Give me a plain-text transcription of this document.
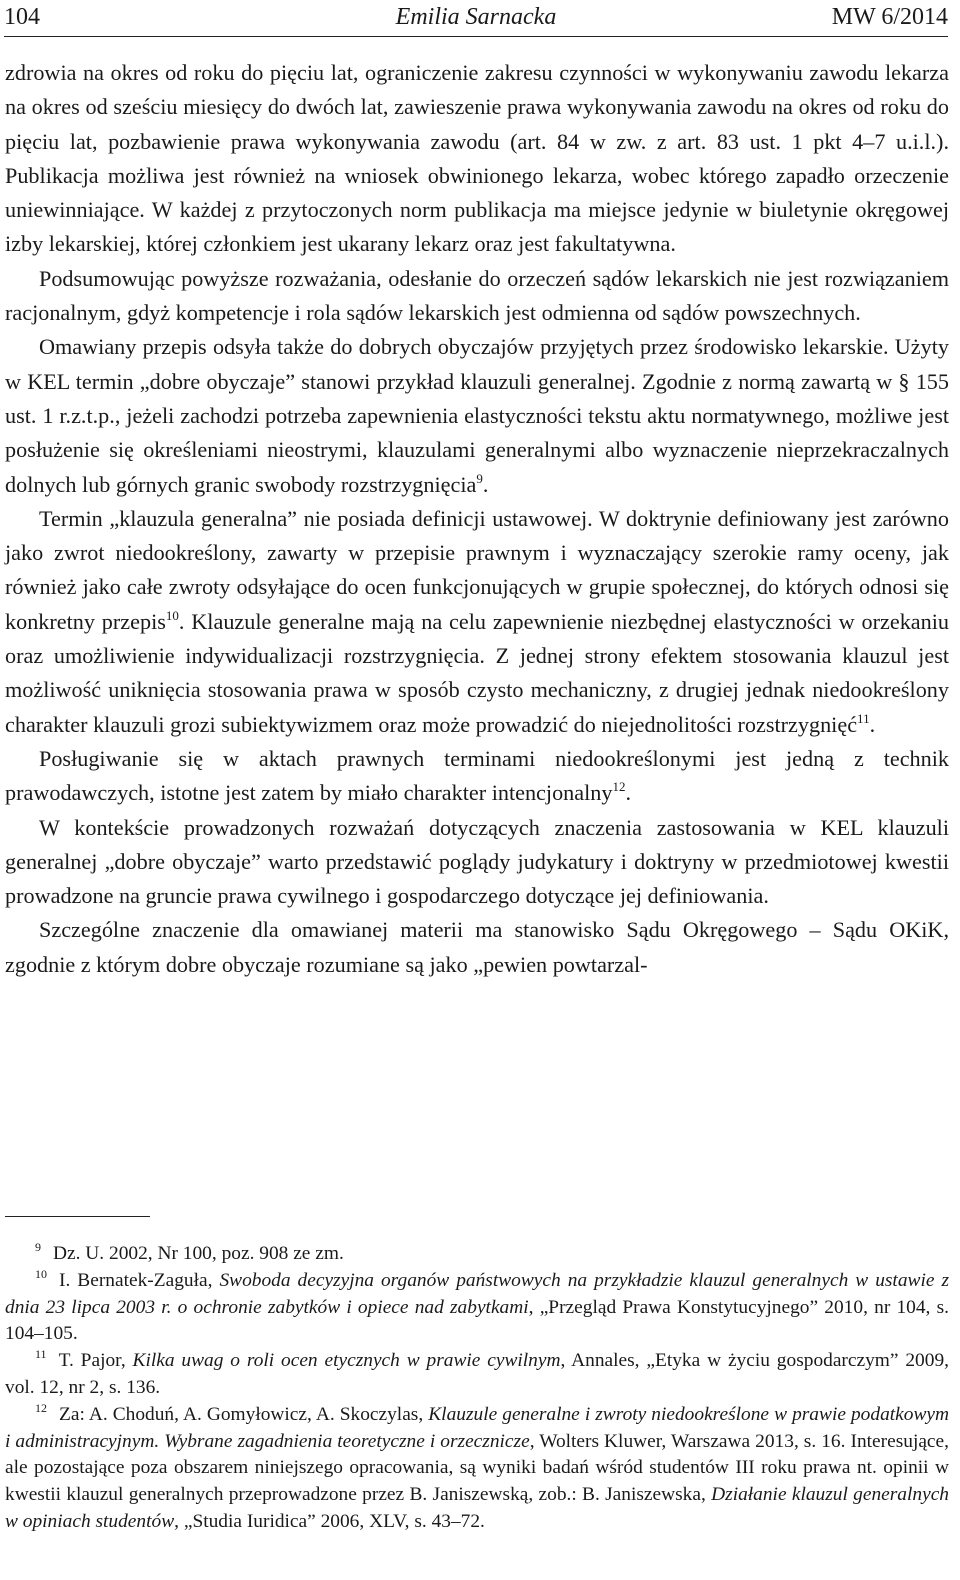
104	Emilia Sarnacka	MW 6/2014

zdrowia na okres od roku do pięciu lat, ograniczenie zakresu czynności w wykonywaniu zawodu lekarza na okres od sześciu miesięcy do dwóch lat, zawieszenie prawa wykonywania zawodu na okres od roku do pięciu lat, pozbawienie prawa wykonywania zawodu (art. 84 w zw. z art. 83 ust. 1 pkt 4–7 u.i.l.). Publikacja możliwa jest również na wniosek obwinionego lekarza, wobec którego zapadło orzeczenie uniewinniające. W każdej z przytoczonych norm publikacja ma miejsce jedynie w biuletynie okręgowej izby lekarskiej, której członkiem jest ukarany lekarz oraz jest fakultatywna.

Podsumowując powyższe rozważania, odesłanie do orzeczeń sądów lekarskich nie jest rozwiązaniem racjonalnym, gdyż kompetencje i rola sądów lekarskich jest odmienna od sądów powszechnych.

Omawiany przepis odsyła także do dobrych obyczajów przyjętych przez środowisko lekarskie. Użyty w KEL termin „dobre obyczaje” stanowi przykład klauzuli generalnej. Zgodnie z normą zawartą w § 155 ust. 1 r.z.t.p., jeżeli zachodzi potrzeba zapewnienia elastyczności tekstu aktu normatywnego, możliwe jest posłużenie się określeniami nieostrymi, klauzulami generalnymi albo wyznaczenie nieprzekraczalnych dolnych lub górnych granic swobody rozstrzygnięcia$^9$.

Termin „klauzula generalna” nie posiada definicji ustawowej. W doktrynie definiowany jest zarówno jako zwrot niedookreślony, zawarty w przepisie prawnym i wyznaczający szerokie ramy oceny, jak również jako całe zwroty odsyłające do ocen funkcjonujących w grupie społecznej, do których odnosi się konkretny przepis$^{10}$. Klauzule generalne mają na celu zapewnienie niezbędnej elastyczności w orzekaniu oraz umożliwienie indywidualizacji rozstrzygnięcia. Z jednej strony efektem stosowania klauzul jest możliwość uniknięcia stosowania prawa w sposób czysto mechaniczny, z drugiej jednak niedookreślony charakter klauzuli grozi subiektywizmem oraz może prowadzić do niejednolitości rozstrzygnięć$^{11}$.

Posługiwanie się w aktach prawnych terminami niedookreślonymi jest jedną z technik prawodawczych, istotne jest zatem by miało charakter intencjonalny$^{12}$.

W kontekście prowadzonych rozważań dotyczących znaczenia zastosowania w KEL klauzuli generalnej „dobre obyczaje” warto przedstawić poglądy judykatury i doktryny w przedmiotowej kwestii prowadzone na gruncie prawa cywilnego i gospodarczego dotyczące jej definiowania.

Szczególne znaczenie dla omawianej materii ma stanowisko Sądu Okręgowego – Sądu OKiK, zgodnie z którym dobre obyczaje rozumiane są jako „pewien powtarzal-

$^9$ Dz. U. 2002, Nr 100, poz. 908 ze zm.

$^{10}$ I. Bernatek-Zaguła, Swoboda decyzyjna organów państwowych na przykładzie klauzul generalnych w ustawie z dnia 23 lipca 2003 r. o ochronie zabytków i opiece nad zabytkami, „Przegląd Prawa Konstytucyjnego” 2010, nr 104, s. 104–105.

$^{11}$ T. Pajor, Kilka uwag o roli ocen etycznych w prawie cywilnym, Annales, „Etyka w życiu gospodarczym” 2009, vol. 12, nr 2, s. 136.

$^{12}$ Za: A. Choduń, A. Gomyłowicz, A. Skoczylas, Klauzule generalne i zwroty niedookreślone w prawie podatkowym i administracyjnym. Wybrane zagadnienia teoretyczne i orzecznicze, Wolters Kluwer, Warszawa 2013, s. 16. Interesujące, ale pozostające poza obszarem niniejszego opracowania, są wyniki badań wśród studentów III roku prawa nt. opinii w kwestii klauzul generalnych przeprowadzone przez B. Janiszewską, zob.: B. Janiszewska, Działanie klauzul generalnych w opiniach studentów, „Studia Iuridica” 2006, XLV, s. 43–72.
